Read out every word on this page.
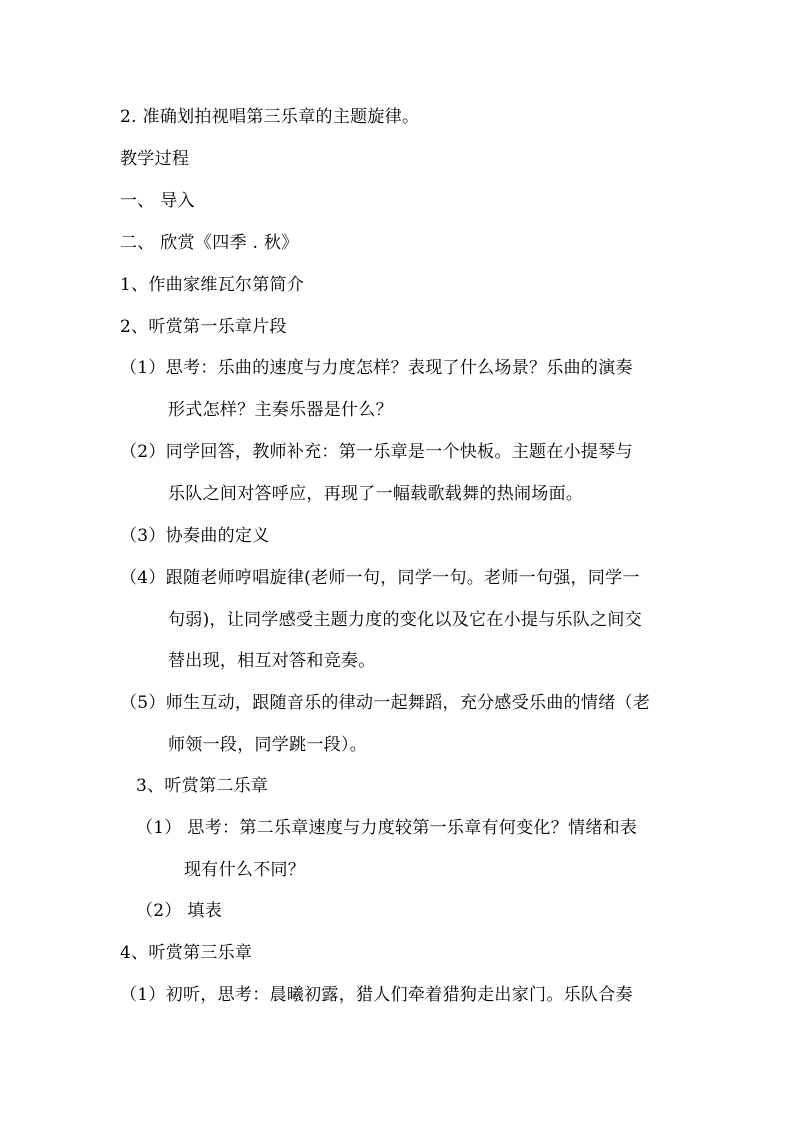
2. 准确划拍视唱第三乐章的主题旋律。
教学过程
一、 导入
二、 欣赏《四季 . 秋》
1、作曲家维瓦尔第简介
2、听赏第一乐章片段
（1）思考：乐曲的速度与力度怎样？表现了什么场景？乐曲的演奏
形式怎样？主奏乐器是什么？
（2）同学回答，教师补充：第一乐章是一个快板。主题在小提琴与
乐队之间对答呼应，再现了一幅载歌载舞的热闹场面。
（3）协奏曲的定义
（4）跟随老师哼唱旋律(老师一句，同学一句。老师一句强，同学一
句弱)，让同学感受主题力度的变化以及它在小提与乐队之间交
替出现，相互对答和竞奏。
（5）师生互动，跟随音乐的律动一起舞蹈，充分感受乐曲的情绪（老
师领一段，同学跳一段）。
3、听赏第二乐章
（1） 思考：第二乐章速度与力度较第一乐章有何变化？情绪和表
现有什么不同？
（2） 填表
4、听赏第三乐章
（1）初听，思考：晨曦初露，猎人们牵着猎狗走出家门。乐队合奏
